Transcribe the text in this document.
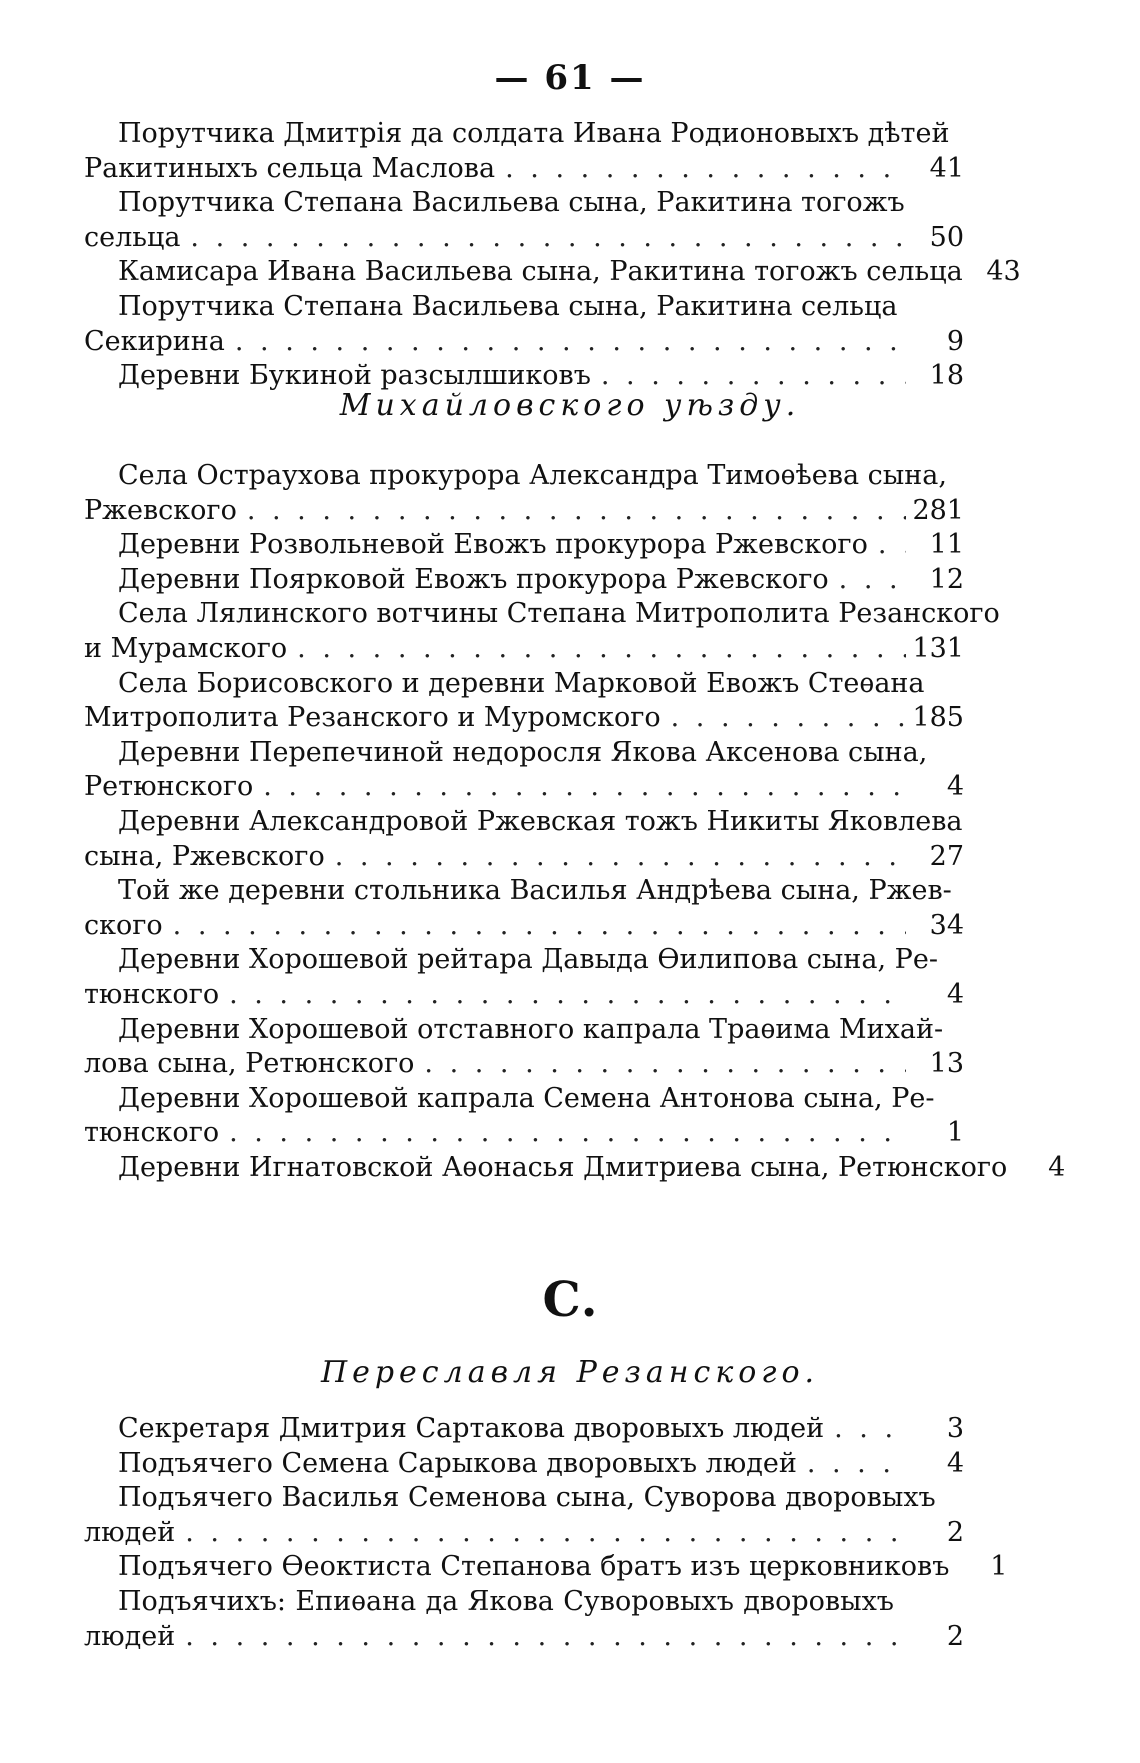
— 61 —
Порутчика Дмитрія да солдата Ивана Родионовыхъ дѣтей
Ракитиныхъ сельца Маслова . . .	41
Порутчика Степана Васильева сына, Ракитина тогожъ
сельца . . .	50
Камисара Ивана Васильева сына, Ракитина тогожъ сельца 43
Порутчика Степана Васильева сына, Ракитина сельца
Секирина . . .	9
Деревни Букиной разсылшиковъ . . .	18
Михайловского уѣзду.
Села Остраухова прокурора Александра Тимоѳѣева сына,
Ржевского . . .	281
Деревни Розвольневой Евожъ прокурора Ржевского . . .	11
Деревни Поярковой Евожъ прокурора Ржевского . . .	12
Села Лялинского вотчины Степана Митрополита Резанского
и Мурамского . . .	131
Села Борисовского и деревни Марковой Евожъ Стеѳана
Митрополита Резанского и Муромского . . .	185
Деревни Перепечиной недоросля Якова Аксенова сына,
Ретюнского . . .	4
Деревни Александровой Ржевская тожъ Никиты Яковлева
сына, Ржевского . . .	27
Той же деревни стольника Василья Андрѣева сына, Ржев-
ского . . .	34
Деревни Хорошевой рейтара Давыда Ѳилипова сына, Ре-
тюнского . . .	4
Деревни Хорошевой отставного капрала Траѳима Михай-
лова сына, Ретюнского . . .	13
Деревни Хорошевой капрала Семена Антонова сына, Ре-
тюнского . . .	1
Деревни Игнатовской Аѳонасья Дмитриева сына, Ретюнского	4
С.
Переславля Резанского.
Секретаря Дмитрия Сартакова дворовыхъ людей . . .	3
Подъячего Семена Сарыкова дворовыхъ людей . . .	4
Подъячего Василья Семенова сына, Суворова дворовыхъ
людей . . .	2
Подъячего Ѳеоктиста Степанова братъ изъ церковниковъ	1
Подъячихъ: Епиѳана да Якова Суворовыхъ дворовыхъ
людей . . .	2
